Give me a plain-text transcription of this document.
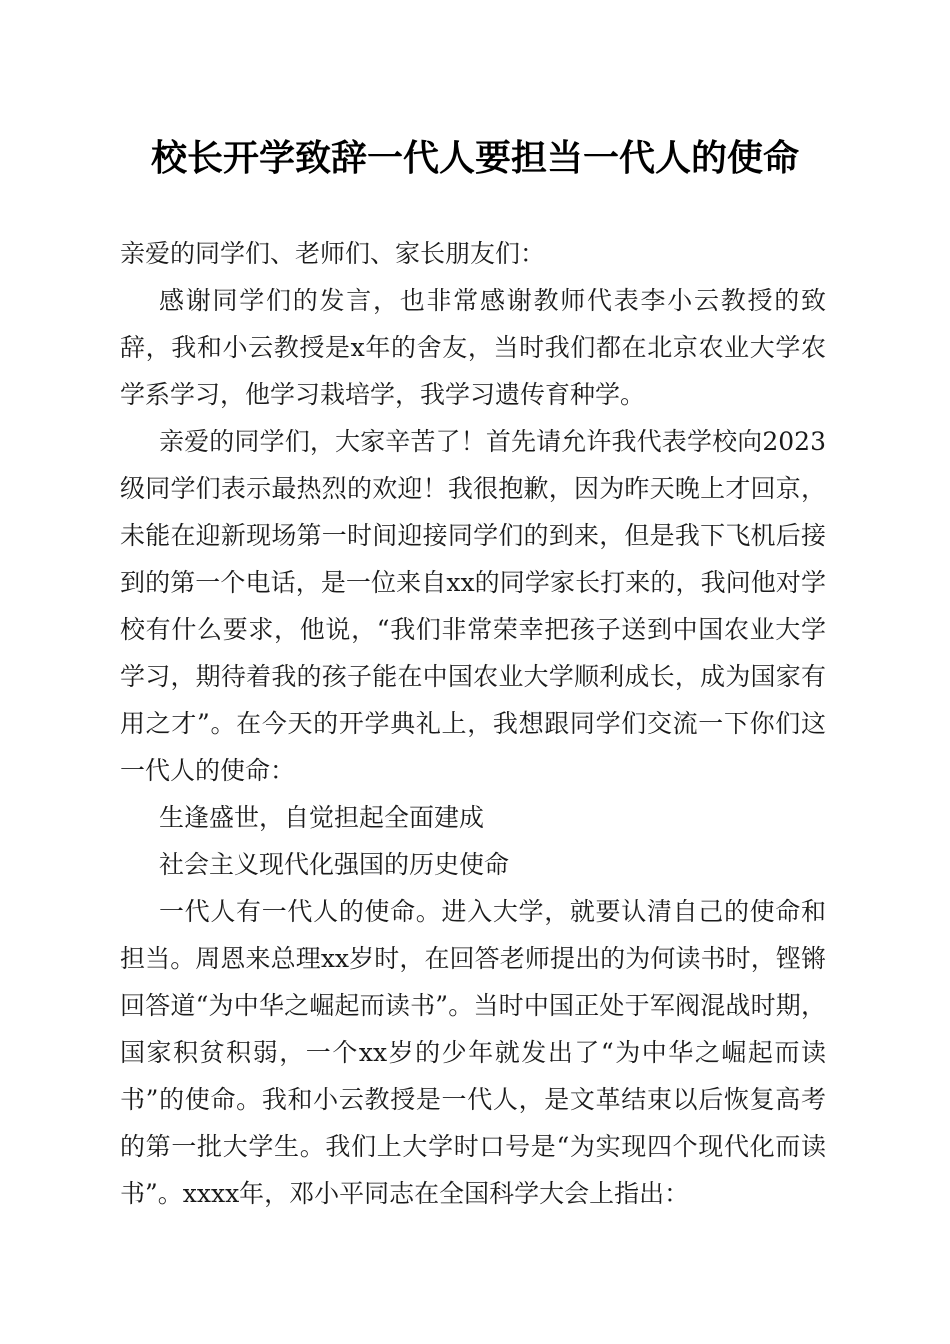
校长开学致辞一代人要担当一代人的使命

亲爱的同学们、老师们、家长朋友们：

感谢同学们的发言，也非常感谢教师代表李小云教授的致辞，我和小云教授是x年的舍友，当时我们都在北京农业大学农学系学习，他学习栽培学，我学习遗传育种学。

亲爱的同学们，大家辛苦了！首先请允许我代表学校向2023级同学们表示最热烈的欢迎！我很抱歉，因为昨天晚上才回京，未能在迎新现场第一时间迎接同学们的到来，但是我下飞机后接到的第一个电话，是一位来自xx的同学家长打来的，我问他对学校有什么要求，他说，“我们非常荣幸把孩子送到中国农业大学学习，期待着我的孩子能在中国农业大学顺利成长，成为国家有用之才”。在今天的开学典礼上，我想跟同学们交流一下你们这一代人的使命：

生逢盛世，自觉担起全面建成

社会主义现代化强国的历史使命

一代人有一代人的使命。进入大学，就要认清自己的使命和担当。周恩来总理xx岁时，在回答老师提出的为何读书时，铿锵回答道“为中华之崛起而读书”。当时中国正处于军阀混战时期，国家积贫积弱，一个xx岁的少年就发出了“为中华之崛起而读书”的使命。我和小云教授是一代人，是文革结束以后恢复高考的第一批大学生。我们上大学时口号是“为实现四个现代化而读书”。xxxx年，邓小平同志在全国科学大会上指出：
